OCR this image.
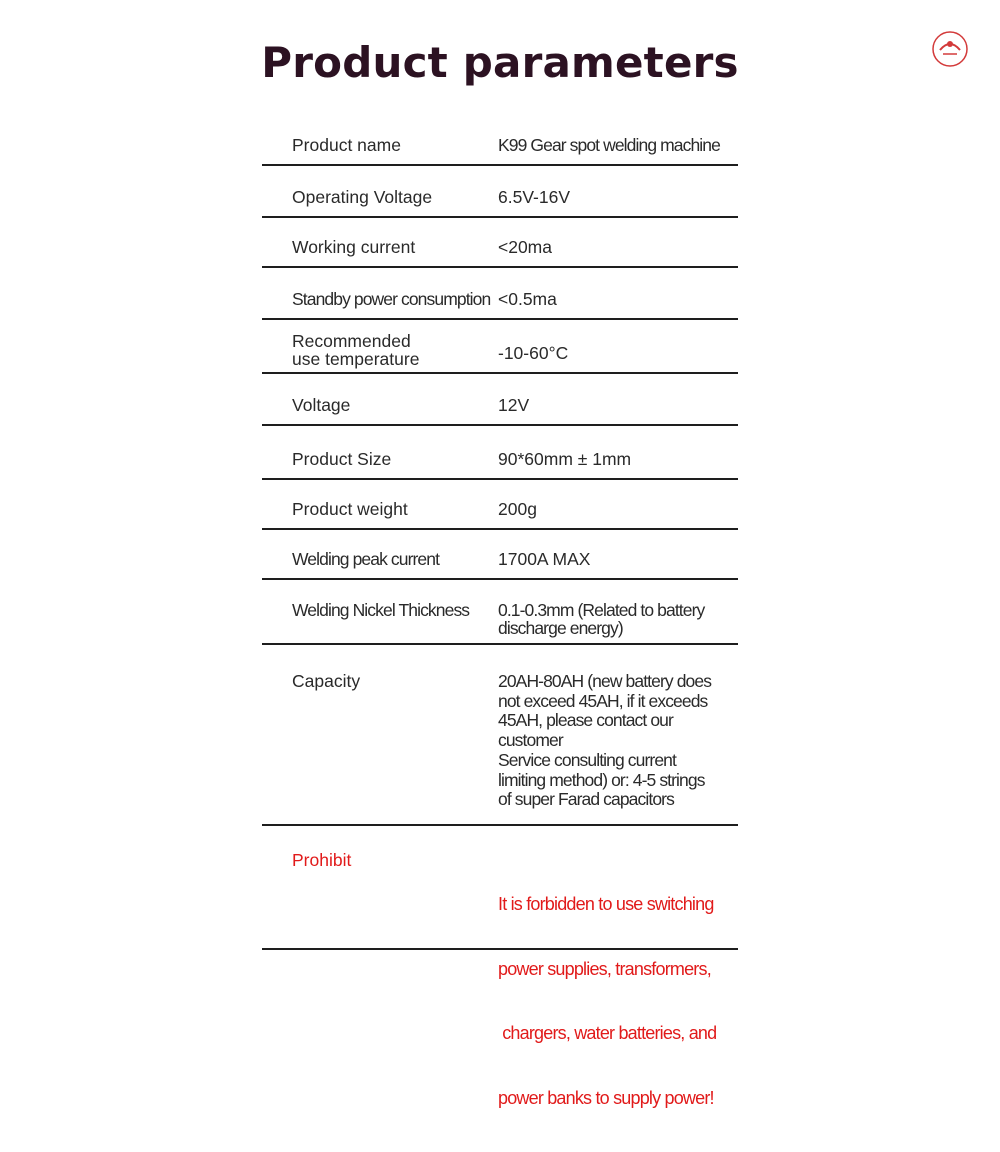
Product parameters
Product name	K99 Gear spot welding machine
Operating Voltage	6.5V-16V
Working current	<20ma
Standby power consumption <0.5ma
Recommended
use temperature	-10-60°C
Voltage	12V
Product Size	90*60mm ± 1mm
Product weight	200g
Welding peak current	1700A MAX
Welding Nickel Thickness	0.1-0.3mm (Related to battery
discharge energy)
Capacity	20AH-80AH (new battery does
not exceed 45AH, if it exceeds
45AH, please contact our
customer
Service consulting current
limiting method) or: 4-5 strings
of super Farad capacitors
Prohibit

It is forbidden to use switching

power supplies, transformers,

chargers, water batteries, and

power banks to supply power!
